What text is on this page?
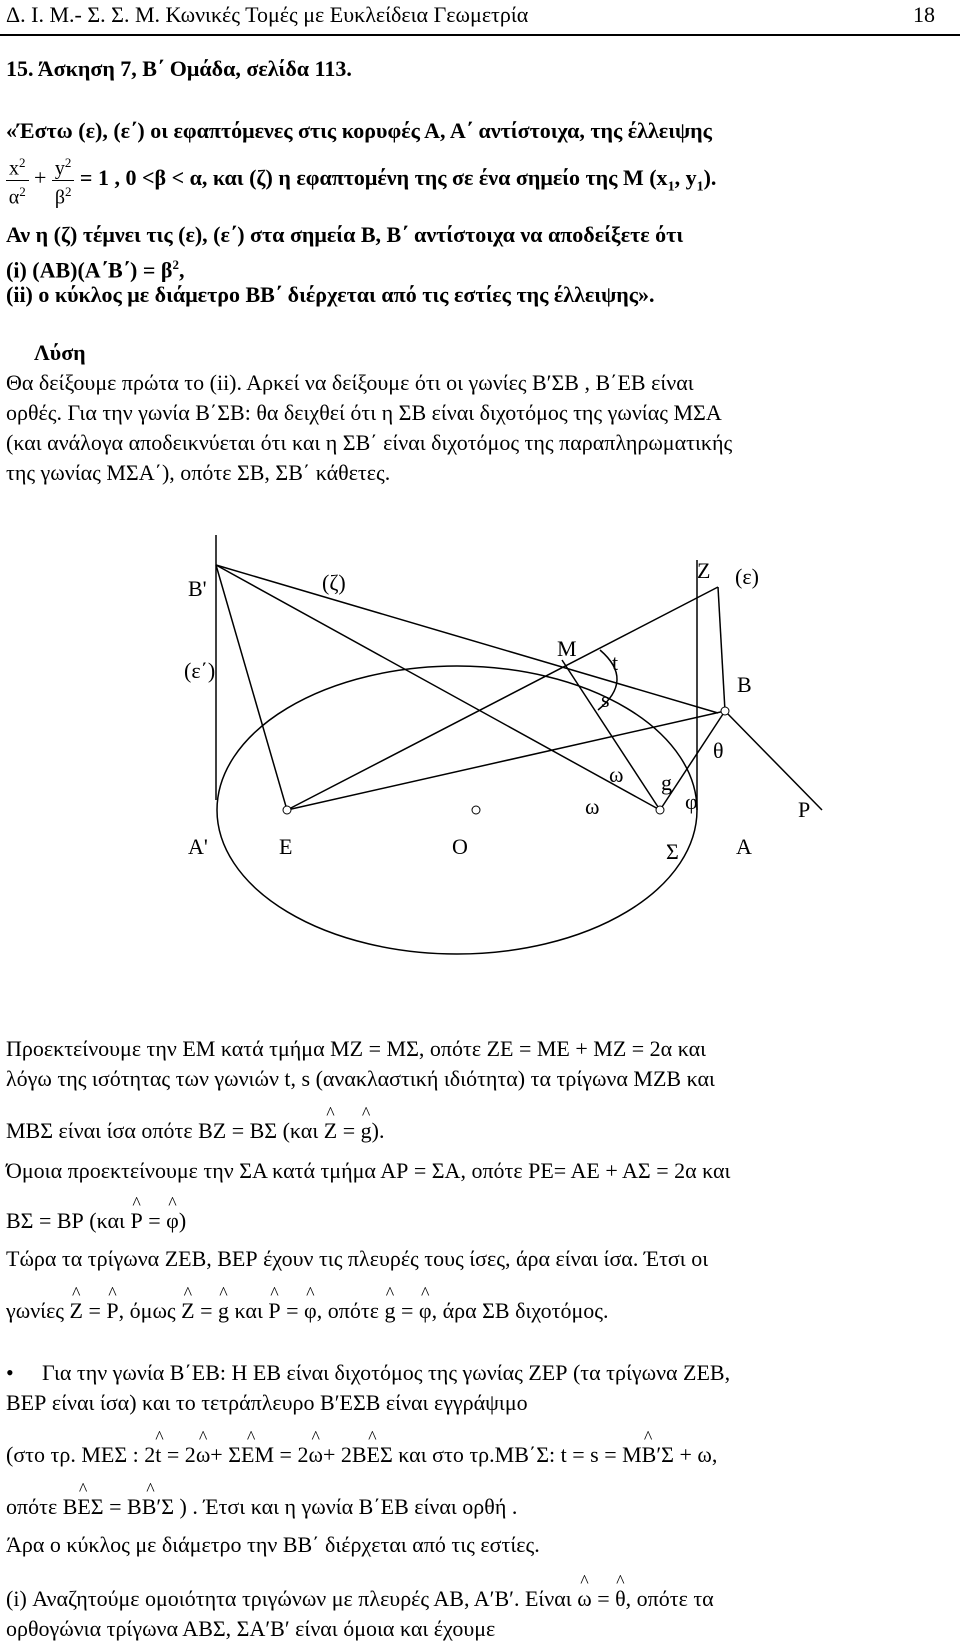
Δ. Ι. Μ.- Σ. Σ. Μ. Κωνικές Τομές με Ευκλείδεια Γεωμετρία	18
15. Άσκηση 7, Β΄ Ομάδα, σελίδα 113.
«Έστω (ε), (ε΄) οι εφαπτόμενες στις κορυφές Α, Α΄ αντίστοιχα, της έλλειψης
$\frac{x^2}{\alpha^2} + \frac{y^2}{\beta^2} = 1$ , 0 <β < α, και (ζ) η εφαπτομένη της σε ένα σημείο της Μ ($x_1$, $y_1$).
Αν η (ζ) τέμνει τις (ε), (ε΄) στα σημεία Β, Β΄ αντίστοιχα να αποδείξετε ότι
(i) $(AB)(A΄B΄) = \beta^2$,
(ii) ο κύκλος με διάμετρο ΒΒ΄ διέρχεται από τις εστίες της έλλειψης».
Λύση
Θα δείξουμε πρώτα το (ii). Αρκεί να δείξουμε ότι οι γωνίες Β′ΣΒ , Β΄ΕΒ είναι
ορθές. Για την γωνία Β΄ΣΒ: θα δειχθεί ότι η ΣΒ είναι διχοτόμος της γωνίας ΜΣΑ
(και ανάλογα αποδεικνύεται ότι και η ΣΒ΄ είναι διχοτόμος της παραπληρωματικής
της γωνίας ΜΣΑ΄), οπότε ΣΒ, ΣΒ΄ κάθετες.
B'	(ζ)	Z (ε)
(ε΄)
M
t
s
B
θ
ω g
ω	φ	P
A'	E	O	Σ	A
Προεκτείνουμε την ΕΜ κατά τμήμα ΜΖ = ΜΣ, οπότε ΖΕ = ΜΕ + ΜΖ = 2α και
λόγω της ισότητας των γωνιών t, s (ανακλαστική ιδιότητα) τα τρίγωνα ΜΖΒ και
ΜΒΣ είναι ίσα οπότε ΒΖ = ΒΣ (και ^ Z = ^ g).
Όμοια προεκτείνουμε την ΣΑ κατά τμήμα ΑΡ = ΣΑ, οπότε ΡΕ= ΑΕ + ΑΣ = 2α και
ΒΣ = ΒΡ (και ^ P = ^ φ)
Τώρα τα τρίγωνα ΖΕΒ, ΒΕΡ έχουν τις πλευρές τους ίσες, άρα είναι ίσα. Έτσι οι
γωνίες ^ Z = ^ P, όμως ^ Z = ^ g και ^ P = ^ φ, οπότε ^ g = ^ φ, άρα ΣΒ διχοτόμος.
• Για την γωνία Β΄ΕΒ: Η ΕΒ είναι διχοτόμος της γωνίας ΖΕΡ (τα τρίγωνα ΖΕΒ,
ΒΕΡ είναι ίσα) και το τετράπλευρο Β′ΕΣΒ είναι εγγράψιμο
(στο τρ. ΜΕΣ : 2^ t = 2^ ω+ ^ ΣΕΜ = 2^ ω+ 2^ ΒΕΣ και στο τρ.ΜΒ΄Σ: t = s = ^ ΜΒ′Σ + ω,
οπότε ^ ΒΕΣ = ^ ΒΒ′Σ ) . Έτσι και η γωνία Β΄ΕΒ είναι ορθή .
Άρα ο κύκλος με διάμετρο την ΒΒ΄ διέρχεται από τις εστίες.
(i) Αναζητούμε ομοιότητα τριγώνων με πλευρές ΑΒ, Α′Β′. Είναι ^ ω = ^ θ, οπότε τα
ορθογώνια τρίγωνα ΑΒΣ, ΣΑ′Β′ είναι όμοια και έχουμε
